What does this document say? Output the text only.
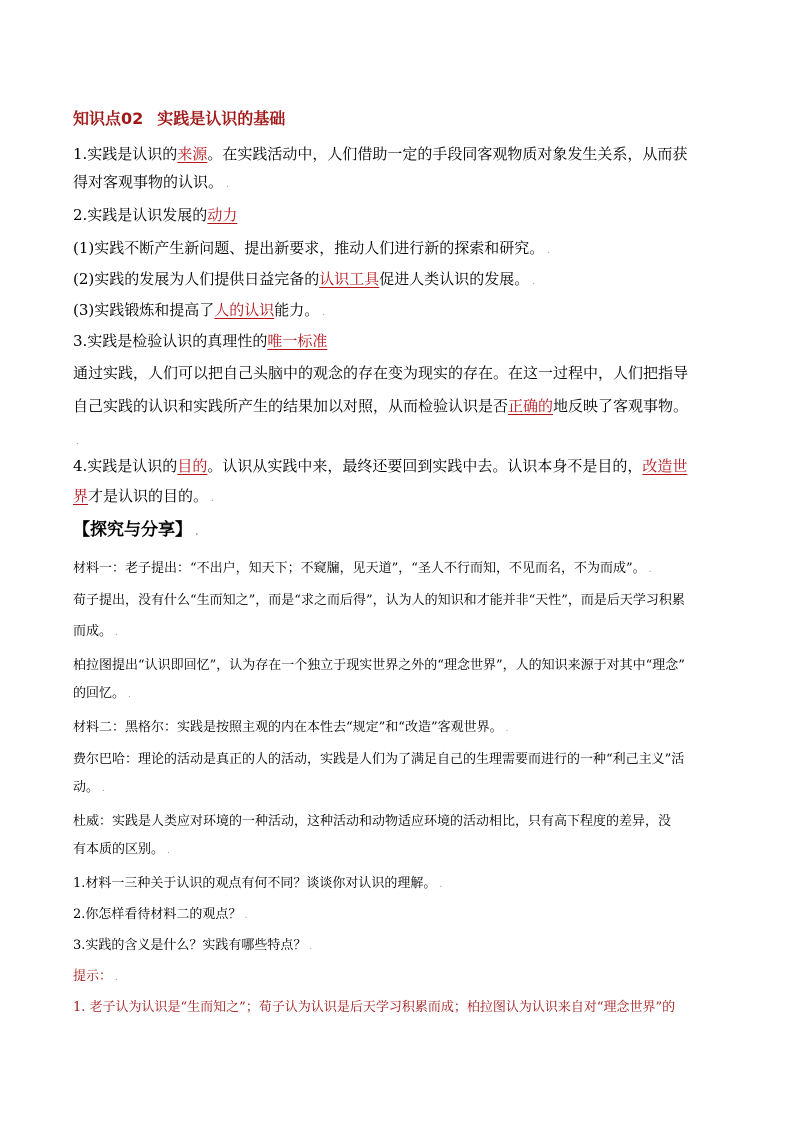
知识点02 实践是认识的基础
1.实践是认识的来源。在实践活动中，人们借助一定的手段同客观物质对象发生关系，从而获
得对客观事物的认识。 .
2.实践是认识发展的动力
(1)实践不断产生新问题、提出新要求，推动人们进行新的探索和研究。 .
(2)实践的发展为人们提供日益完备的认识工具促进人类认识的发展。 .
(3)实践锻炼和提高了人的认识能力。 .
3.实践是检验认识的真理性的唯一标准
通过实践，人们可以把自己头脑中的观念的存在变为现实的存在。在这一过程中，人们把指导
自己实践的认识和实践所产生的结果加以对照，从而检验认识是否正确的地反映了客观事物。
.
4.实践是认识的目的。认识从实践中来，最终还要回到实践中去。认识本身不是目的，改造世
界才是认识的目的。 .
【探究与分享】 .
材料一：老子提出：“不出户，知天下；不窥牖，见天道”，“圣人不行而知，不见而名，不为而成”。 .
荀子提出，没有什么“生而知之”，而是“求之而后得”，认为人的知识和才能并非“天性”，而是后天学习积累
而成。 .
柏拉图提出“认识即回忆”，认为存在一个独立于现实世界之外的“理念世界”，人的知识来源于对其中“理念”
的回忆。 .
材料二：黑格尔：实践是按照主观的内在本性去“规定”和“改造”客观世界。 .
费尔巴哈：理论的活动是真正的人的活动，实践是人们为了满足自己的生理需要而进行的一种“利己主义”活
动。 .
杜威：实践是人类应对环境的一种活动，这种活动和动物适应环境的活动相比，只有高下程度的差异，没
有本质的区别。 .
1.材料一三种关于认识的观点有何不同？谈谈你对认识的理解。 .
2.你怎样看待材料二的观点？ .
3.实践的含义是什么？实践有哪些特点？ .
提示： .
1. 老子认为认识是“生而知之”；荀子认为认识是后天学习积累而成；柏拉图认为认识来自对“理念世界”的
